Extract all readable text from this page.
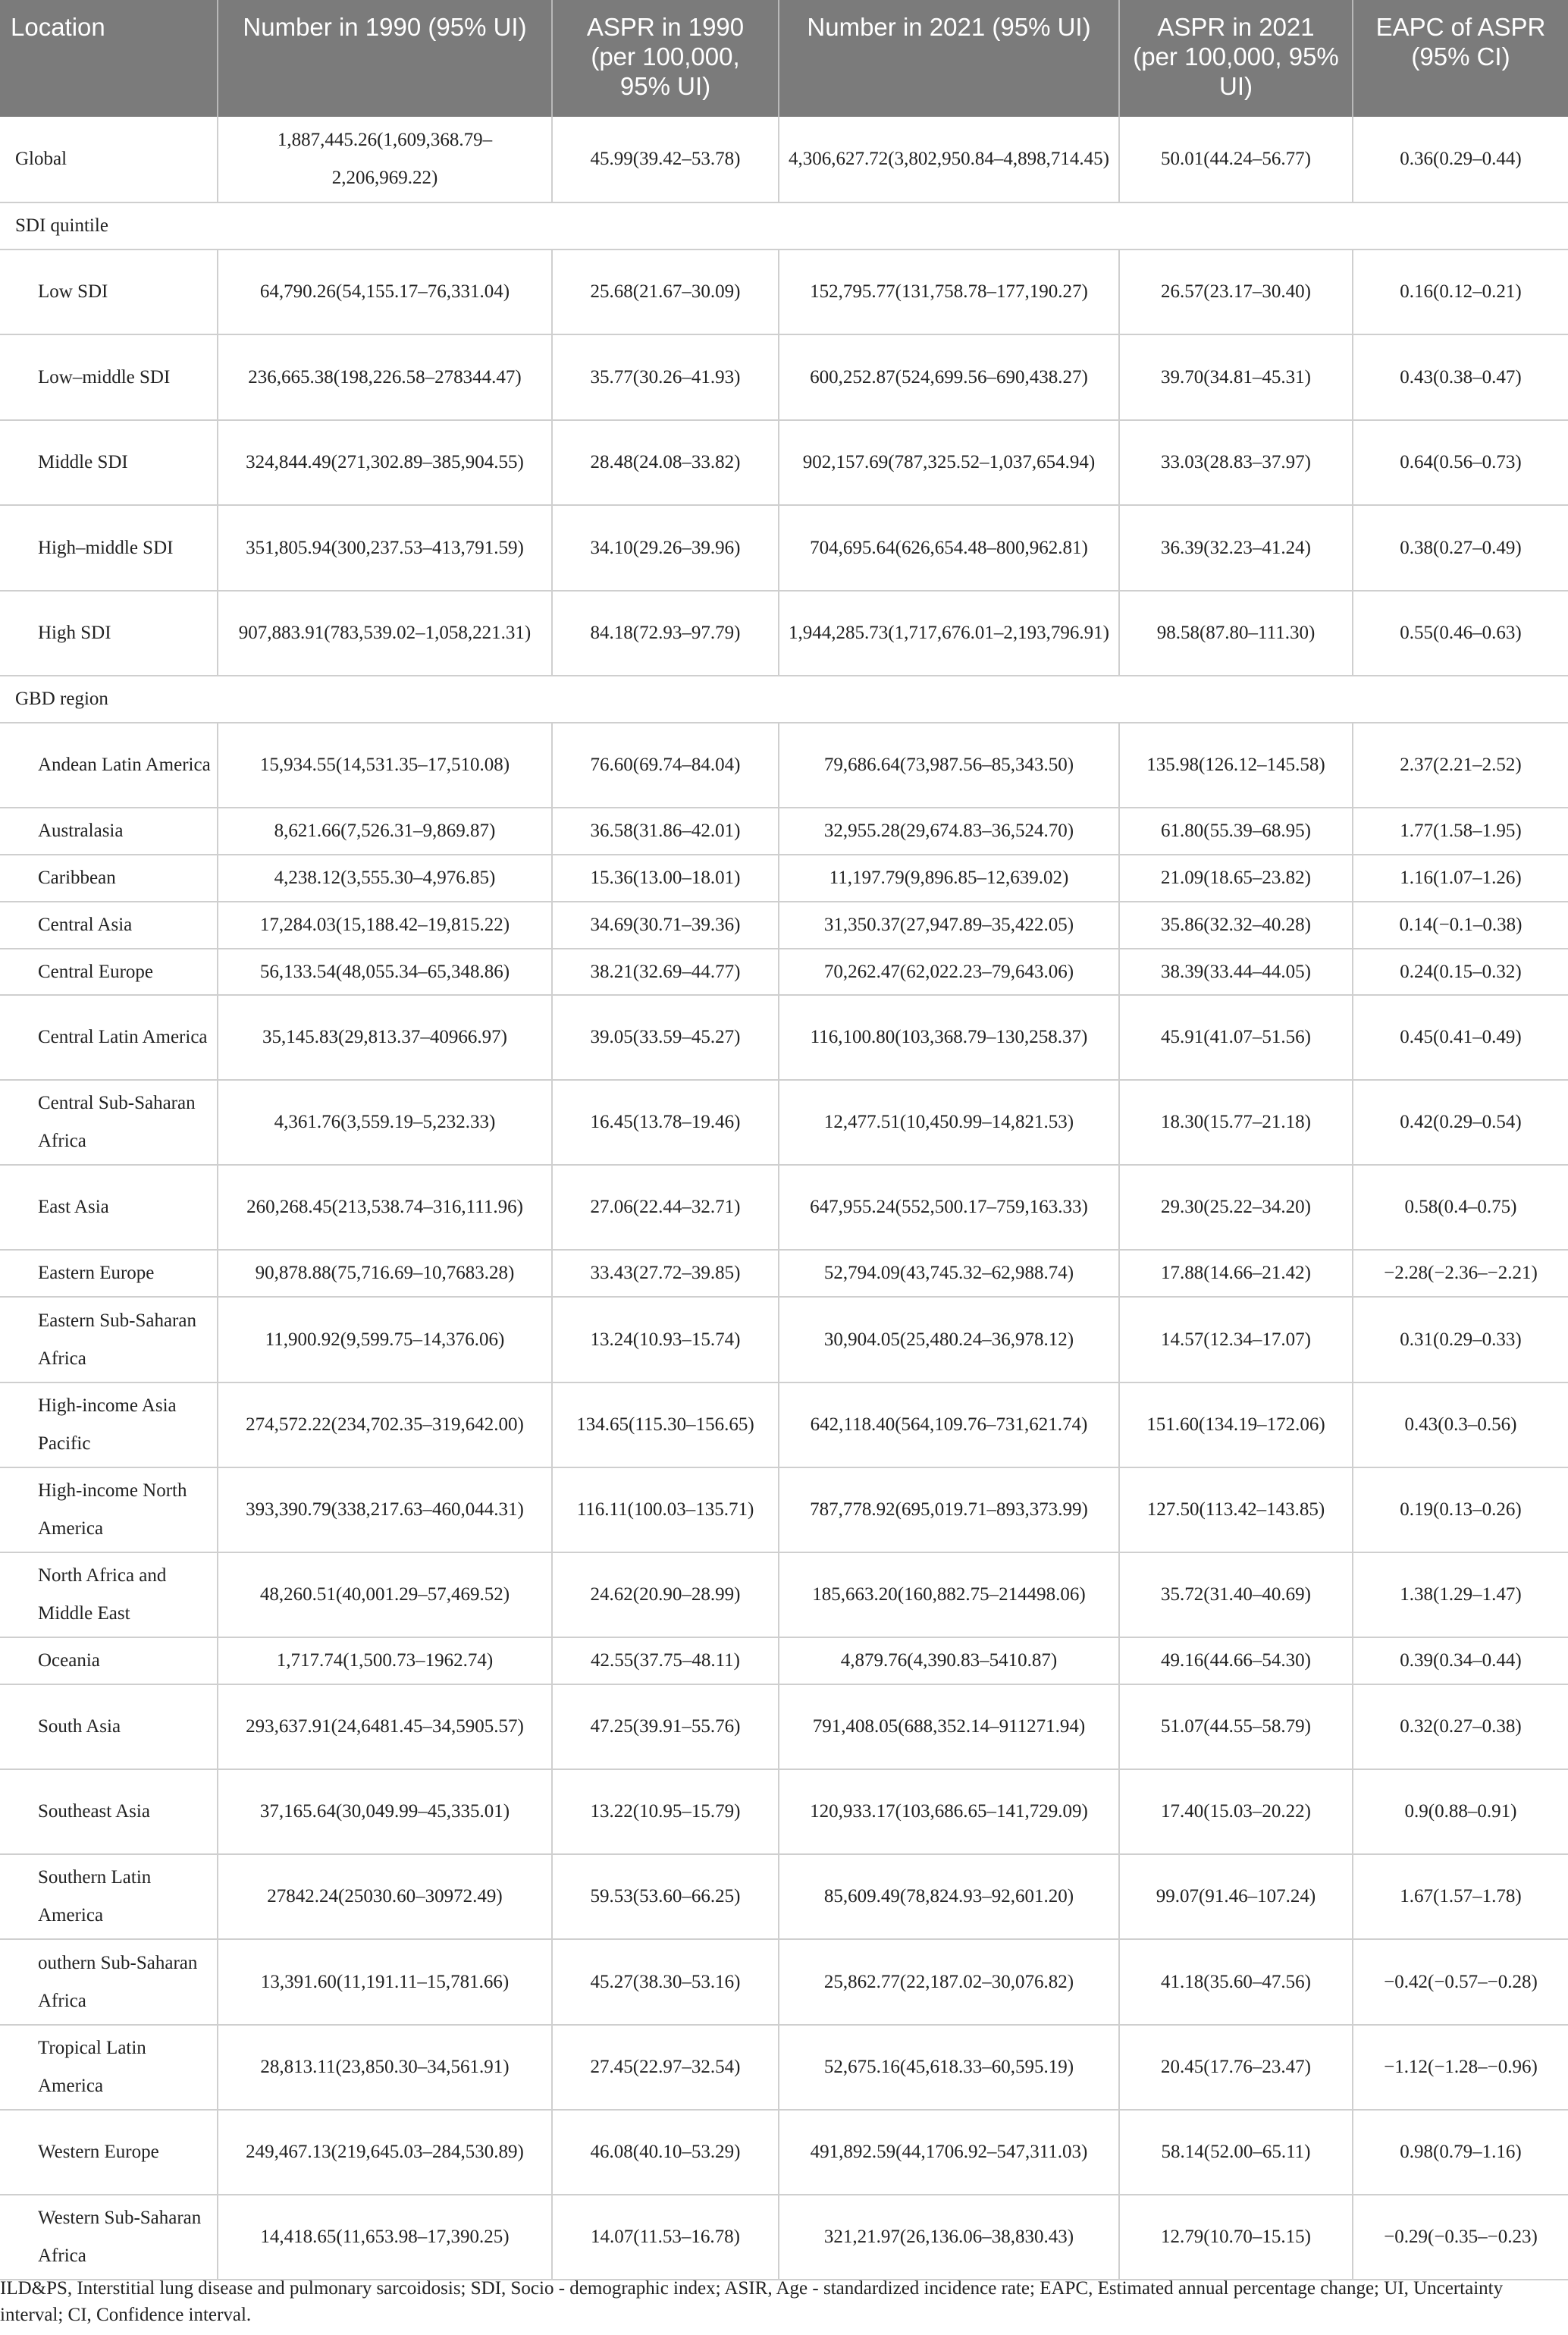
Location	Number in 1990 (95% UI)	ASPR in 1990 (per 100,000, 95% UI)	Number in 2021 (95% UI)	ASPR in 2021 (per 100,000, 95% UI)	EAPC of ASPR (95% CI)
Global	1,887,445.26(1,609,368.79–2,206,969.22)	45.99(39.42–53.78)	4,306,627.72(3,802,950.84–4,898,714.45)	50.01(44.24–56.77)	0.36(0.29–0.44)
SDI quintile					
Low SDI	64,790.26(54,155.17–76,331.04)	25.68(21.67–30.09)	152,795.77(131,758.78–177,190.27)	26.57(23.17–30.40)	0.16(0.12–0.21)
Low–middle SDI	236,665.38(198,226.58–278344.47)	35.77(30.26–41.93)	600,252.87(524,699.56–690,438.27)	39.70(34.81–45.31)	0.43(0.38–0.47)
Middle SDI	324,844.49(271,302.89–385,904.55)	28.48(24.08–33.82)	902,157.69(787,325.52–1,037,654.94)	33.03(28.83–37.97)	0.64(0.56–0.73)
High–middle SDI	351,805.94(300,237.53–413,791.59)	34.10(29.26–39.96)	704,695.64(626,654.48–800,962.81)	36.39(32.23–41.24)	0.38(0.27–0.49)
High SDI	907,883.91(783,539.02–1,058,221.31)	84.18(72.93–97.79)	1,944,285.73(1,717,676.01–2,193,796.91)	98.58(87.80–111.30)	0.55(0.46–0.63)
GBD region					
Andean Latin America	15,934.55(14,531.35–17,510.08)	76.60(69.74–84.04)	79,686.64(73,987.56–85,343.50)	135.98(126.12–145.58)	2.37(2.21–2.52)
Australasia	8,621.66(7,526.31–9,869.87)	36.58(31.86–42.01)	32,955.28(29,674.83–36,524.70)	61.80(55.39–68.95)	1.77(1.58–1.95)
Caribbean	4,238.12(3,555.30–4,976.85)	15.36(13.00–18.01)	11,197.79(9,896.85–12,639.02)	21.09(18.65–23.82)	1.16(1.07–1.26)
Central Asia	17,284.03(15,188.42–19,815.22)	34.69(30.71–39.36)	31,350.37(27,947.89–35,422.05)	35.86(32.32–40.28)	0.14(−0.1–0.38)
Central Europe	56,133.54(48,055.34–65,348.86)	38.21(32.69–44.77)	70,262.47(62,022.23–79,643.06)	38.39(33.44–44.05)	0.24(0.15–0.32)
Central Latin America	35,145.83(29,813.37–40966.97)	39.05(33.59–45.27)	116,100.80(103,368.79–130,258.37)	45.91(41.07–51.56)	0.45(0.41–0.49)
Central Sub-Saharan Africa	4,361.76(3,559.19–5,232.33)	16.45(13.78–19.46)	12,477.51(10,450.99–14,821.53)	18.30(15.77–21.18)	0.42(0.29–0.54)
East Asia	260,268.45(213,538.74–316,111.96)	27.06(22.44–32.71)	647,955.24(552,500.17–759,163.33)	29.30(25.22–34.20)	0.58(0.4–0.75)
Eastern Europe	90,878.88(75,716.69–10,7683.28)	33.43(27.72–39.85)	52,794.09(43,745.32–62,988.74)	17.88(14.66–21.42)	−2.28(−2.36–−2.21)
Eastern Sub-Saharan Africa	11,900.92(9,599.75–14,376.06)	13.24(10.93–15.74)	30,904.05(25,480.24–36,978.12)	14.57(12.34–17.07)	0.31(0.29–0.33)
High-income Asia Pacific	274,572.22(234,702.35–319,642.00)	134.65(115.30–156.65)	642,118.40(564,109.76–731,621.74)	151.60(134.19–172.06)	0.43(0.3–0.56)
High-income North America	393,390.79(338,217.63–460,044.31)	116.11(100.03–135.71)	787,778.92(695,019.71–893,373.99)	127.50(113.42–143.85)	0.19(0.13–0.26)
North Africa and Middle East	48,260.51(40,001.29–57,469.52)	24.62(20.90–28.99)	185,663.20(160,882.75–214498.06)	35.72(31.40–40.69)	1.38(1.29–1.47)
Oceania	1,717.74(1,500.73–1962.74)	42.55(37.75–48.11)	4,879.76(4,390.83–5410.87)	49.16(44.66–54.30)	0.39(0.34–0.44)
South Asia	293,637.91(24,6481.45–34,5905.57)	47.25(39.91–55.76)	791,408.05(688,352.14–911271.94)	51.07(44.55–58.79)	0.32(0.27–0.38)
Southeast Asia	37,165.64(30,049.99–45,335.01)	13.22(10.95–15.79)	120,933.17(103,686.65–141,729.09)	17.40(15.03–20.22)	0.9(0.88–0.91)
Southern Latin America	27842.24(25030.60–30972.49)	59.53(53.60–66.25)	85,609.49(78,824.93–92,601.20)	99.07(91.46–107.24)	1.67(1.57–1.78)
outhern Sub-Saharan Africa	13,391.60(11,191.11–15,781.66)	45.27(38.30–53.16)	25,862.77(22,187.02–30,076.82)	41.18(35.60–47.56)	−0.42(−0.57–−0.28)
Tropical Latin America	28,813.11(23,850.30–34,561.91)	27.45(22.97–32.54)	52,675.16(45,618.33–60,595.19)	20.45(17.76–23.47)	−1.12(−1.28–−0.96)
Western Europe	249,467.13(219,645.03–284,530.89)	46.08(40.10–53.29)	491,892.59(44,1706.92–547,311.03)	58.14(52.00–65.11)	0.98(0.79–1.16)
Western Sub-Saharan Africa	14,418.65(11,653.98–17,390.25)	14.07(11.53–16.78)	321,21.97(26,136.06–38,830.43)	12.79(10.70–15.15)	−0.29(−0.35–−0.23)
ILD&PS, Interstitial lung disease and pulmonary sarcoidosis; SDI, Socio - demographic index; ASIR, Age - standardized incidence rate; EAPC, Estimated annual percentage change; UI, Uncertainty interval; CI, Confidence interval.
